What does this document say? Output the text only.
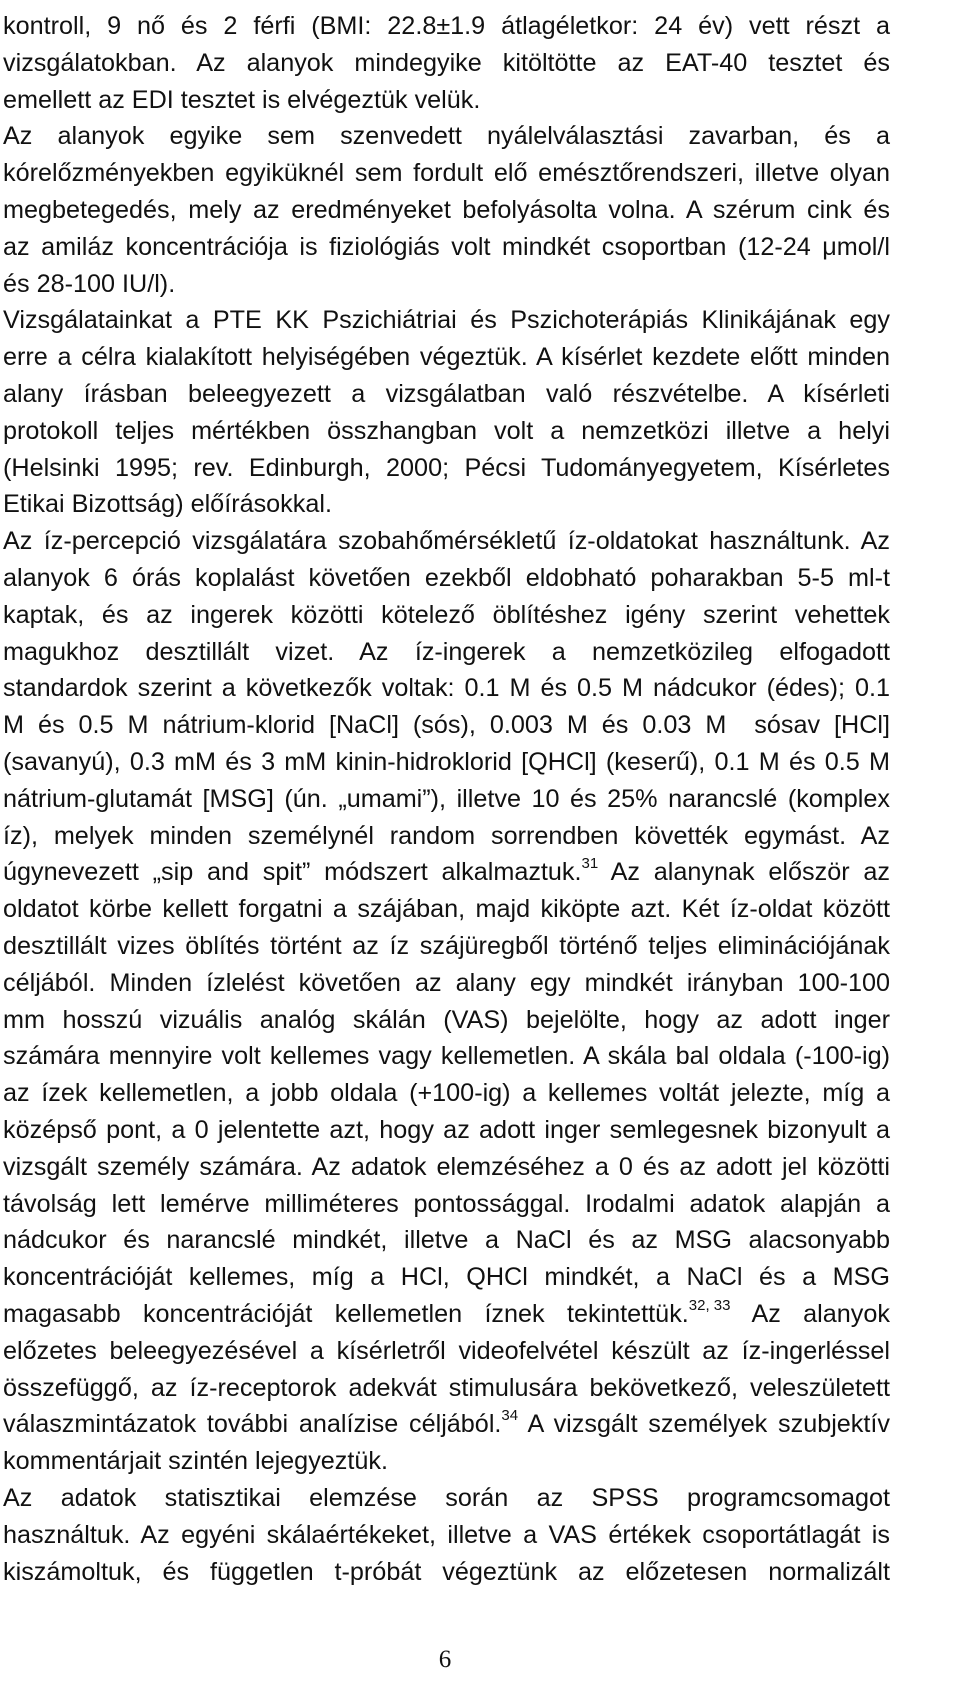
kontroll, 9 nő és 2 férfi (BMI: 22.8±1.9 átlagéletkor: 24 év) vett részt a
vizsgálatokban. Az alanyok mindegyike kitöltötte az EAT-40 tesztet és
emellett az EDI tesztet is elvégeztük velük.
Az alanyok egyike sem szenvedett nyálelválasztási zavarban, és a
kórelőzményekben egyiküknél sem fordult elő emésztőrendszeri, illetve olyan
megbetegedés, mely az eredményeket befolyásolta volna. A szérum cink és
az amiláz koncentrációja is fiziológiás volt mindkét csoportban (12-24 μmol/l
és 28-100 IU/l).
Vizsgálatainkat a PTE KK Pszichiátriai és Pszichoterápiás Klinikájának egy
erre a célra kialakított helyiségében végeztük. A kísérlet kezdete előtt minden
alany írásban beleegyezett a vizsgálatban való részvételbe. A kísérleti
protokoll teljes mértékben összhangban volt a nemzetközi illetve a helyi
(Helsinki 1995; rev. Edinburgh, 2000; Pécsi Tudományegyetem, Kísérletes
Etikai Bizottság) előírásokkal.
Az íz-percepció vizsgálatára szobahőmérsékletű íz-oldatokat használtunk. Az
alanyok 6 órás koplalást követően ezekből eldobható poharakban 5-5 ml-t
kaptak, és az ingerek közötti kötelező öblítéshez igény szerint vehettek
magukhoz desztillált vizet. Az íz-ingerek a nemzetközileg elfogadott
standardok szerint a következők voltak: 0.1 M és 0.5 M nádcukor (édes); 0.1
M és 0.5 M nátrium-klorid [NaCl] (sós), 0.003 M és 0.03 M  sósav [HCl]
(savanyú), 0.3 mM és 3 mM kinin-hidroklorid [QHCl] (keserű), 0.1 M és 0.5 M
nátrium-glutamát [MSG] (ún. „umami”), illetve 10 és 25% narancslé (komplex
íz), melyek minden személynél random sorrendben követték egymást. Az
úgynevezett „sip and spit” módszert alkalmaztuk.$^{31}$ Az alanynak először az
oldatot körbe kellett forgatni a szájában, majd kiköpte azt. Két íz-oldat között
desztillált vizes öblítés történt az íz szájüregből történő teljes eliminációjának
céljából. Minden ízlelést követően az alany egy mindkét irányban 100-100
mm hosszú vizuális analóg skálán (VAS) bejelölte, hogy az adott inger
számára mennyire volt kellemes vagy kellemetlen. A skála bal oldala (-100-ig)
az ízek kellemetlen, a jobb oldala (+100-ig) a kellemes voltát jelezte, míg a
középső pont, a 0 jelentette azt, hogy az adott inger semlegesnek bizonyult a
vizsgált személy számára. Az adatok elemzéséhez a 0 és az adott jel közötti
távolság lett lemérve milliméteres pontossággal. Irodalmi adatok alapján a
nádcukor és narancslé mindkét, illetve a NaCl és az MSG alacsonyabb
koncentrációját kellemes, míg a HCl, QHCl mindkét, a NaCl és a MSG
magasabb koncentrációját kellemetlen íznek tekintettük.$^{32, 33}$ Az alanyok
előzetes beleegyezésével a kísérletről videofelvétel készült az íz-ingerléssel
összefüggő, az íz-receptorok adekvát stimulusára bekövetkező, veleszületett
válaszmintázatok további analízise céljából.$^{34}$ A vizsgált személyek szubjektív
kommentárjait szintén lejegyeztük.
Az adatok statisztikai elemzése során az SPSS programcsomagot
használtuk. Az egyéni skálaértékeket, illetve a VAS értékek csoportátlagát is
kiszámoltuk, és független t-próbát végeztünk az előzetesen normalizált
6
